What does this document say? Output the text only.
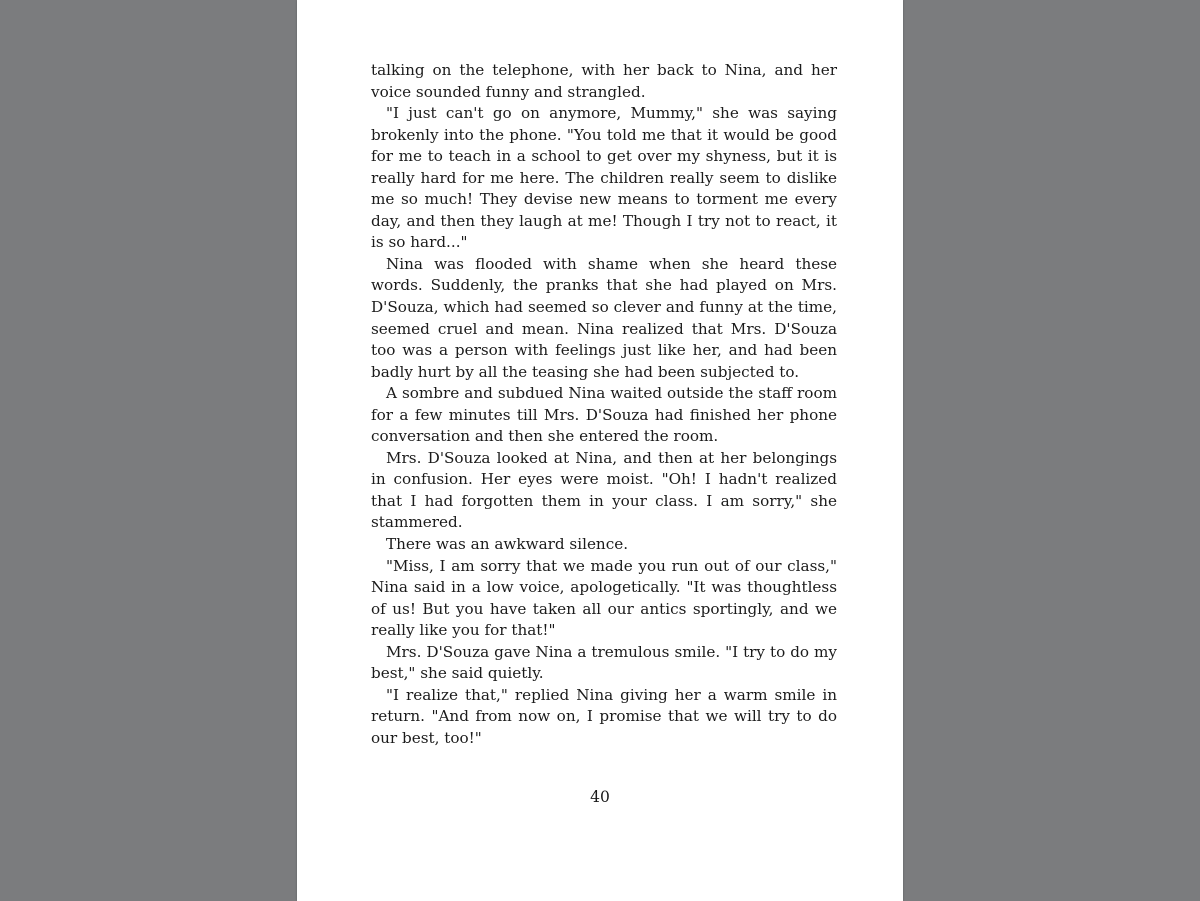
talking on the telephone, with her back to Nina, and her voice sounded funny and strangled.

"I just can't go on anymore, Mummy," she was saying brokenly into the phone. "You told me that it would be good for me to teach in a school to get over my shyness, but it is really hard for me here. The children really seem to dislike me so much! They devise new means to torment me every day, and then they laugh at me! Though I try not to react, it is so hard..."

Nina was flooded with shame when she heard these words. Suddenly, the pranks that she had played on Mrs. D'Souza, which had seemed so clever and funny at the time, seemed cruel and mean. Nina realized that Mrs. D'Souza too was a person with feelings just like her, and had been badly hurt by all the teasing she had been subjected to.

A sombre and subdued Nina waited outside the staff room for a few minutes till Mrs. D'Souza had finished her phone conversation and then she entered the room.

Mrs. D'Souza looked at Nina, and then at her belongings in confusion. Her eyes were moist. "Oh! I hadn't realized that I had forgotten them in your class. I am sorry," she stammered.

There was an awkward silence.

"Miss, I am sorry that we made you run out of our class," Nina said in a low voice, apologetically. "It was thoughtless of us! But you have taken all our antics sportingly, and we really like you for that!"

Mrs. D'Souza gave Nina a tremulous smile. "I try to do my best," she said quietly.

"I realize that," replied Nina giving her a warm smile in return. "And from now on, I promise that we will try to do our best, too!"

40
